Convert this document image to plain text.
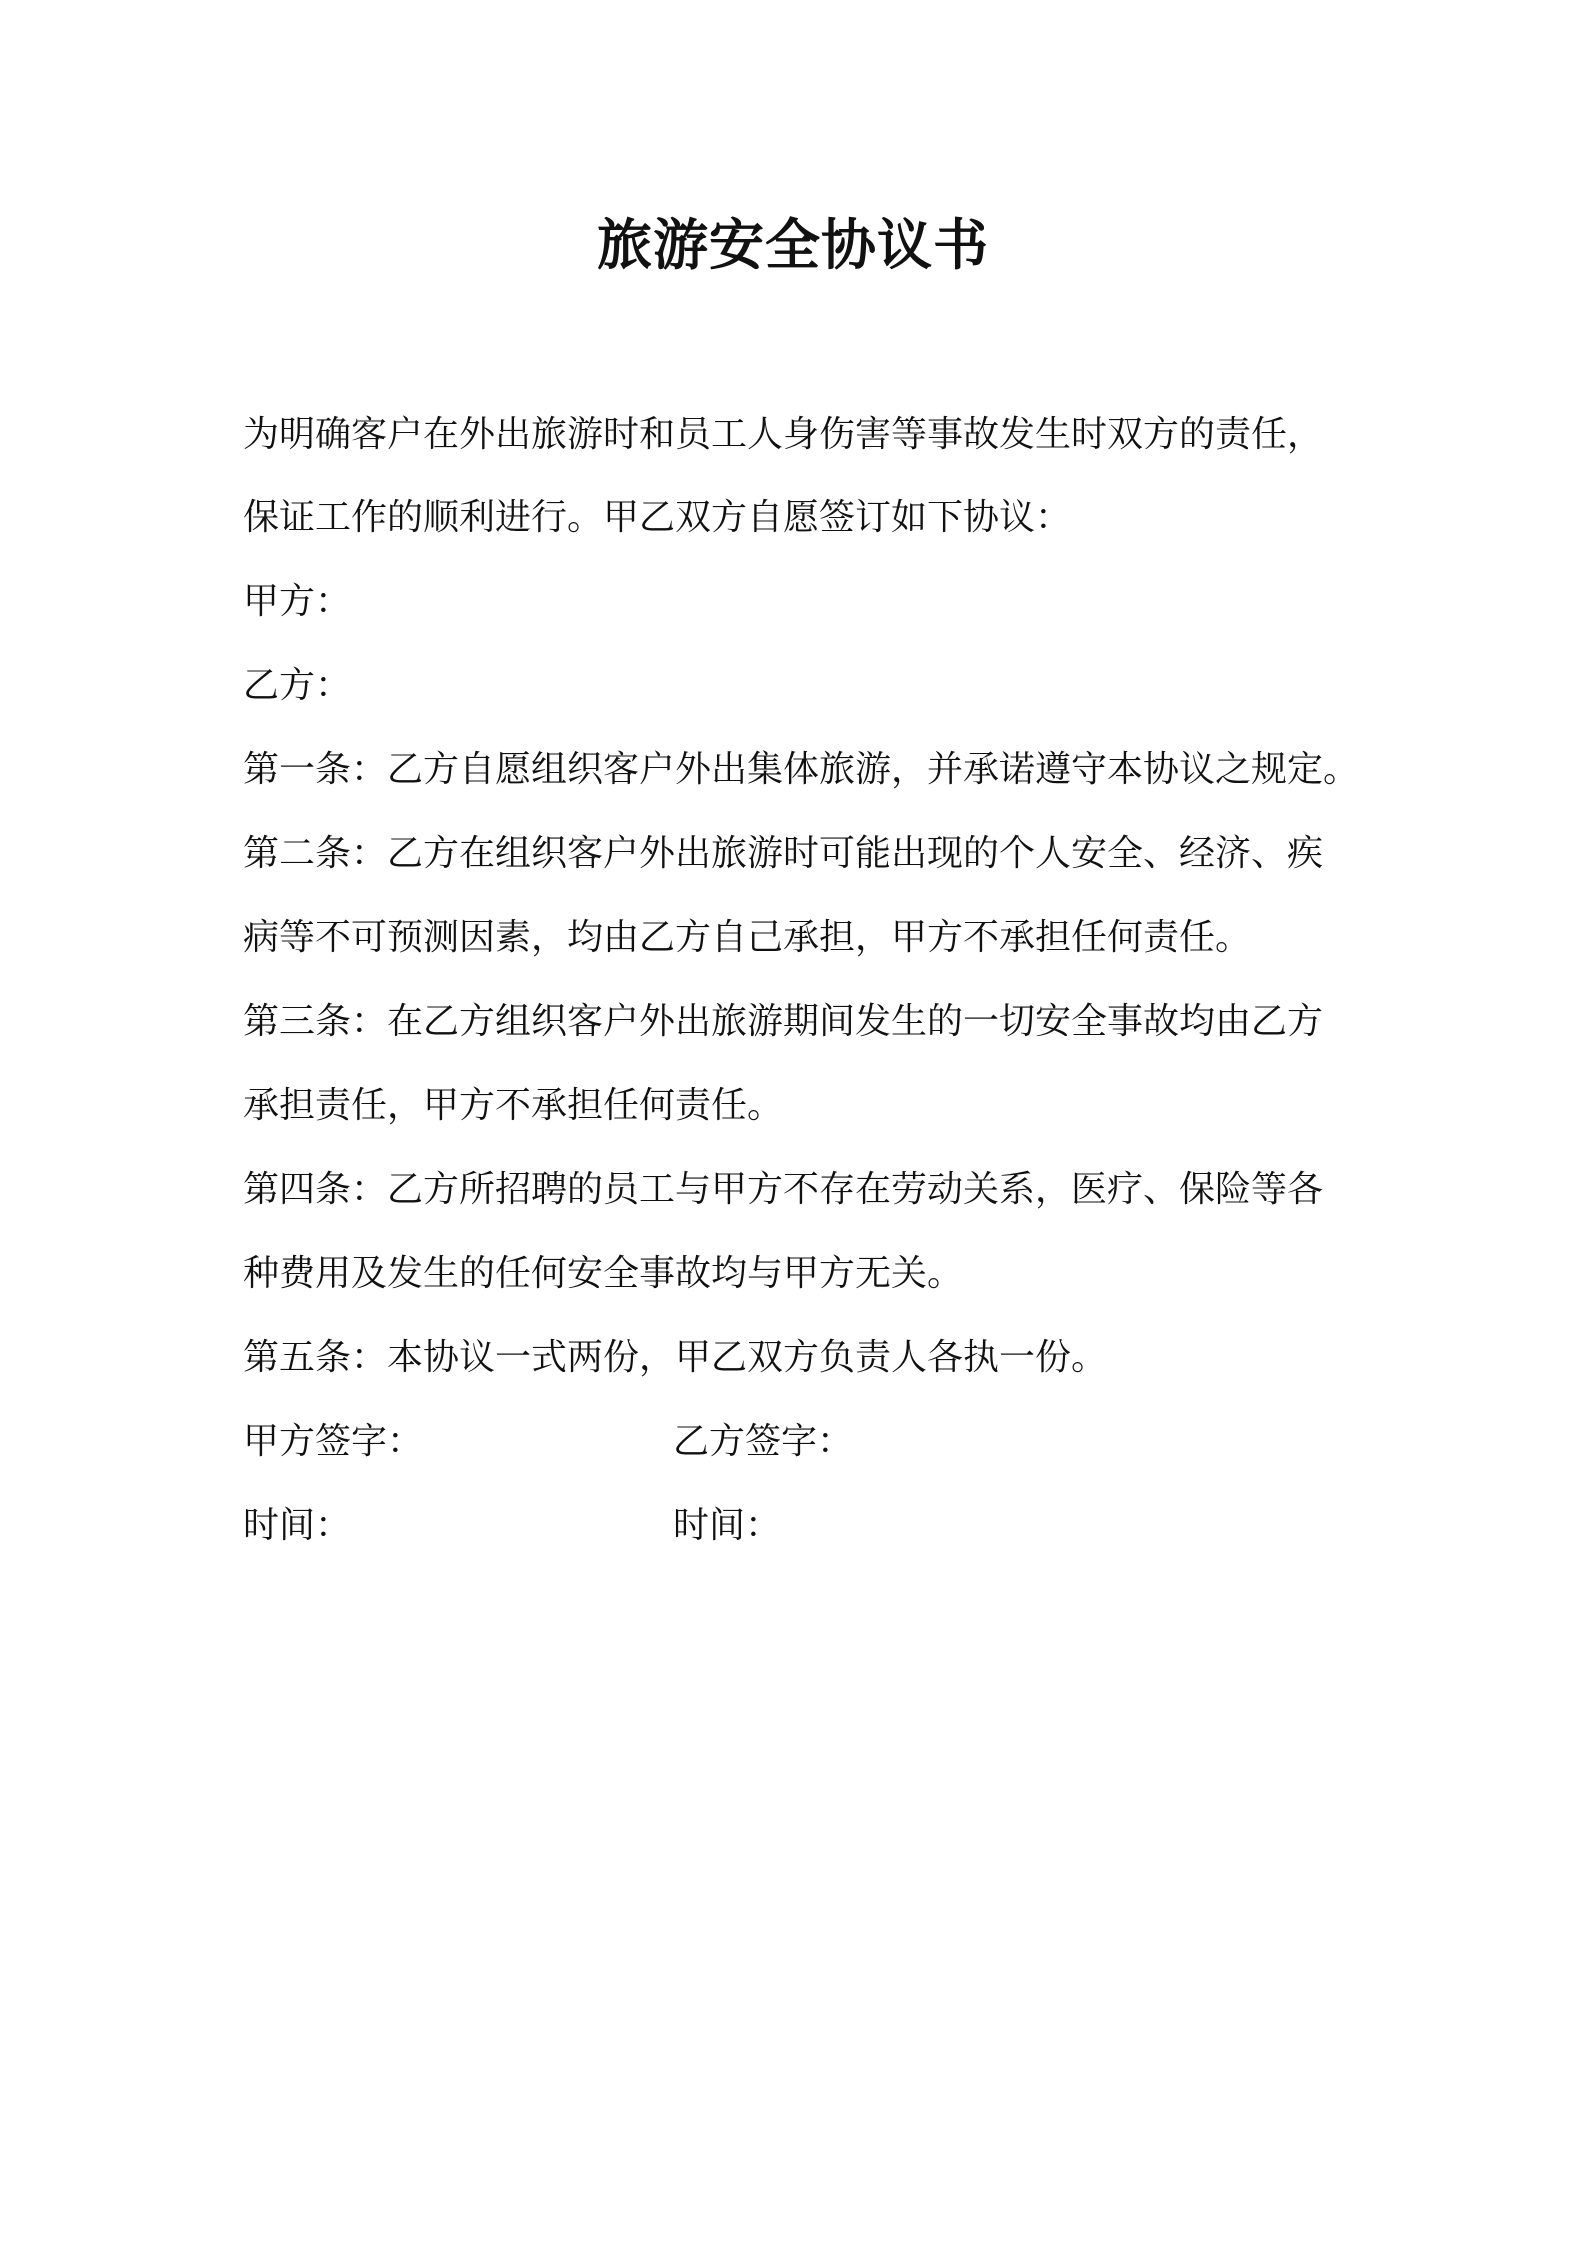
旅游安全协议书
为明确客户在外出旅游时和员工人身伤害等事故发生时双方的责任，
保证工作的顺利进行。甲乙双方自愿签订如下协议：
甲方：
乙方：
第一条：乙方自愿组织客户外出集体旅游，并承诺遵守本协议之规定。
第二条：乙方在组织客户外出旅游时可能出现的个人安全、经济、疾
病等不可预测因素，均由乙方自己承担，甲方不承担任何责任。
第三条：在乙方组织客户外出旅游期间发生的一切安全事故均由乙方
承担责任，甲方不承担任何责任。
第四条：乙方所招聘的员工与甲方不存在劳动关系，医疗、保险等各
种费用及发生的任何安全事故均与甲方无关。
第五条：本协议一式两份，甲乙双方负责人各执一份。
甲方签字：	乙方签字：
时间：	时间：
